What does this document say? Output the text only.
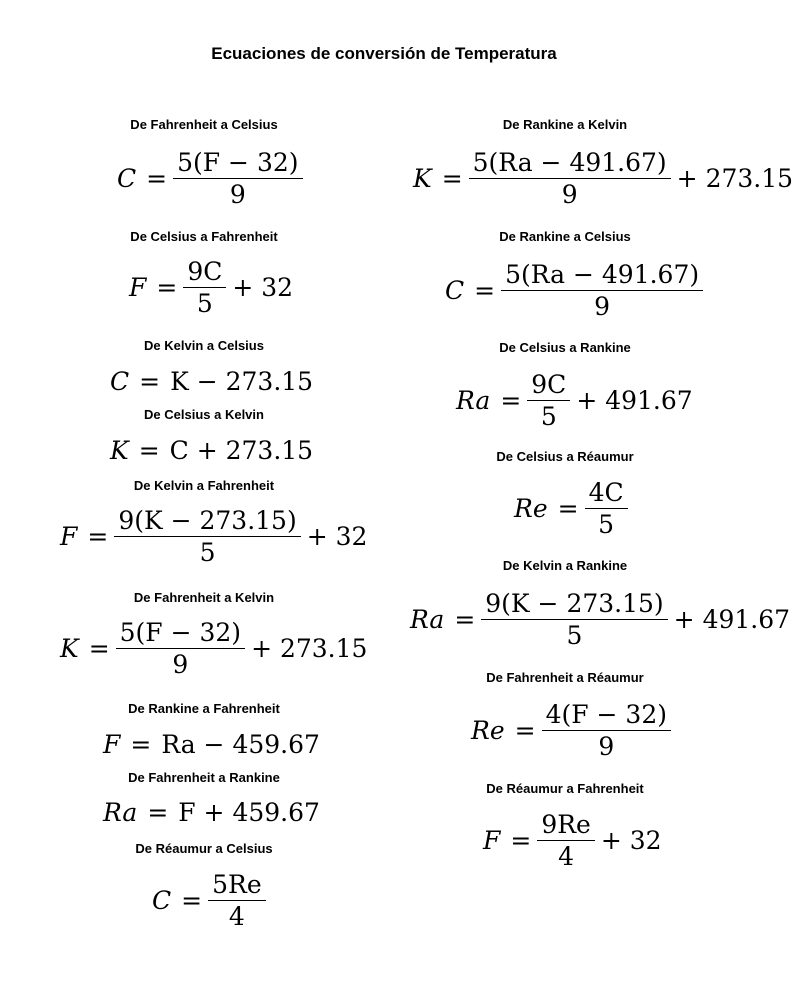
Ecuaciones de conversión de Temperatura
De Fahrenheit a Celsius
$C = \frac{5(F - 32)}{9}$
De Celsius a Fahrenheit
$F = \frac{9C}{5} + 32$
De Kelvin a Celsius
C = K − 273.15
De Celsius a Kelvin
K = C + 273.15
De Kelvin a Fahrenheit
$F = \frac{9(K - 273.15)}{5} + 32$
De Fahrenheit a Kelvin
$K = \frac{5(F - 32)}{9} + 273.15$
De Rankine a Fahrenheit
F = Ra − 459.67
De Fahrenheit a Rankine
Ra = F + 459.67
De Réaumur a Celsius
$C = \frac{5Re}{4}$
De Rankine a Kelvin
$K = \frac{5(Ra - 491.67)}{9} + 273.15$
De Rankine a Celsius
$C = \frac{5(Ra - 491.67)}{9}$
De Celsius a Rankine
$Ra = \frac{9C}{5} + 491.67$
De Celsius a Réaumur
$Re = \frac{4C}{5}$
De Kelvin a Rankine
$Ra = \frac{9(K - 273.15)}{5} + 491.67$
De Fahrenheit a Réaumur
$Re = \frac{4(F - 32)}{9}$
De Réaumur a Fahrenheit
$F = \frac{9Re}{4} + 32$
